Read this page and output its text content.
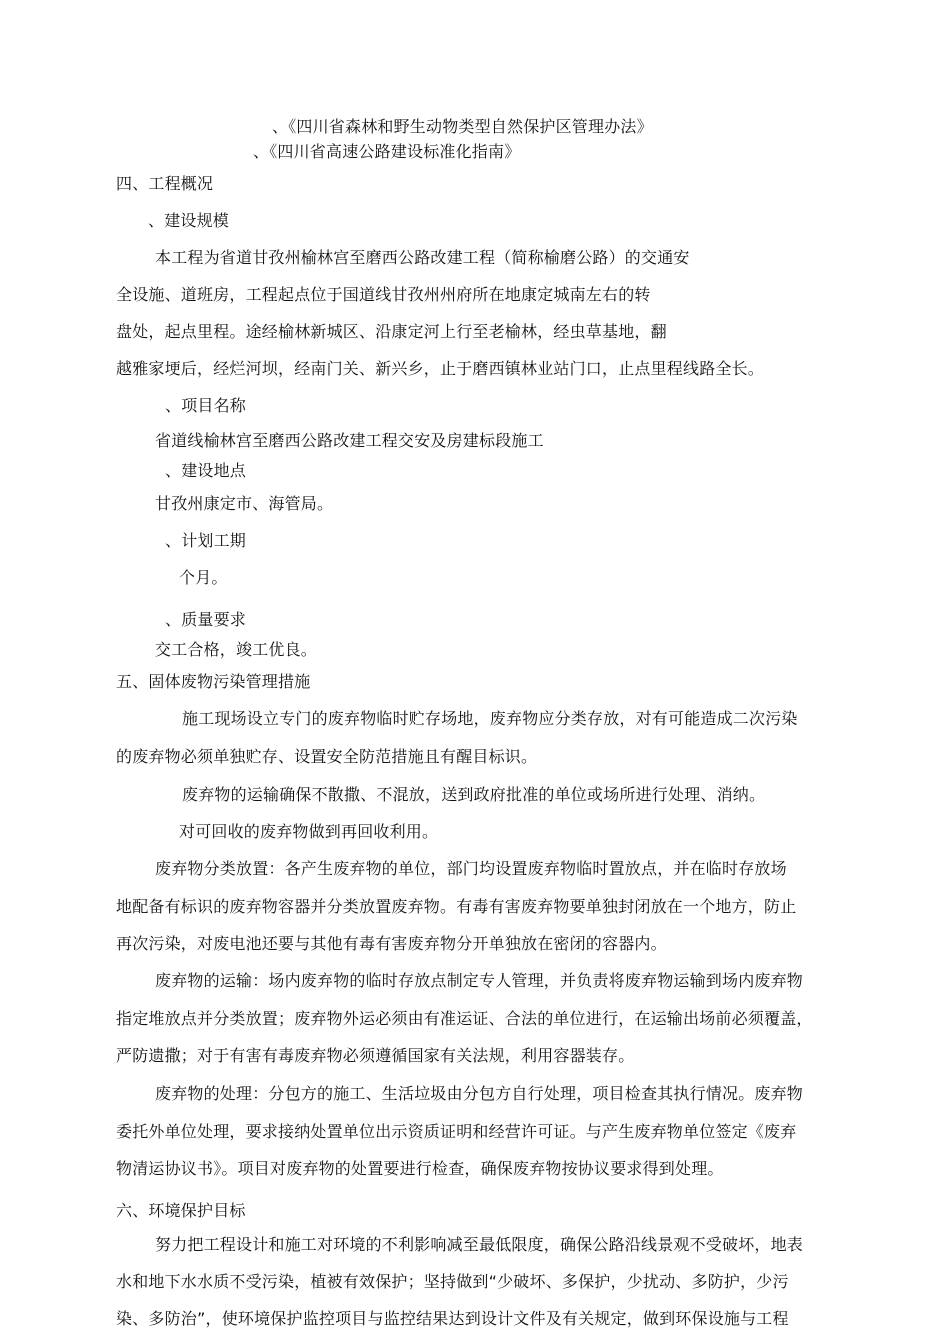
、《四川省森林和野生动物类型自然保护区管理办法》
、《四川省高速公路建设标准化指南》
四、工程概况
、建设规模
本工程为省道甘孜州榆林宫至磨西公路改建工程（简称榆磨公路）的交通安
全设施、道班房，工程起点位于国道线甘孜州州府所在地康定城南左右的转
盘处，起点里程。途经榆林新城区、沿康定河上行至老榆林，经虫草基地，翻
越雅家埂后，经烂河坝，经南门关、新兴乡，止于磨西镇林业站门口，止点里程线路全长。
、项目名称
省道线榆林宫至磨西公路改建工程交安及房建标段施工
、建设地点
甘孜州康定市、海管局。
、计划工期
个月。
、质量要求
交工合格，竣工优良。
五、固体废物污染管理措施
施工现场设立专门的废弃物临时贮存场地，废弃物应分类存放，对有可能造成二次污染
的废弃物必须单独贮存、设置安全防范措施且有醒目标识。
废弃物的运输确保不散撒、不混放，送到政府批准的单位或场所进行处理、消纳。
对可回收的废弃物做到再回收利用。
废弃物分类放置：各产生废弃物的单位，部门均设置废弃物临时置放点，并在临时存放场
地配备有标识的废弃物容器并分类放置废弃物。有毒有害废弃物要单独封闭放在一个地方，防止
再次污染，对废电池还要与其他有毒有害废弃物分开单独放在密闭的容器内。
废弃物的运输：场内废弃物的临时存放点制定专人管理，并负责将废弃物运输到场内废弃物
指定堆放点并分类放置；废弃物外运必须由有准运证、合法的单位进行，在运输出场前必须覆盖，
严防遗撒；对于有害有毒废弃物必须遵循国家有关法规，利用容器装存。
废弃物的处理：分包方的施工、生活垃圾由分包方自行处理，项目检查其执行情况。废弃物
委托外单位处理，要求接纳处置单位出示资质证明和经营许可证。与产生废弃物单位签定《废弃
物清运协议书》。项目对废弃物的处置要进行检查，确保废弃物按协议要求得到处理。
六、环境保护目标
努力把工程设计和施工对环境的不利影响减至最低限度，确保公路沿线景观不受破坏，地表
水和地下水水质不受污染，植被有效保护；坚持做到“少破坏、多保护，少扰动、多防护，少污
染、多防治”，使环境保护监控项目与监控结果达到设计文件及有关规定，做到环保设施与工程
